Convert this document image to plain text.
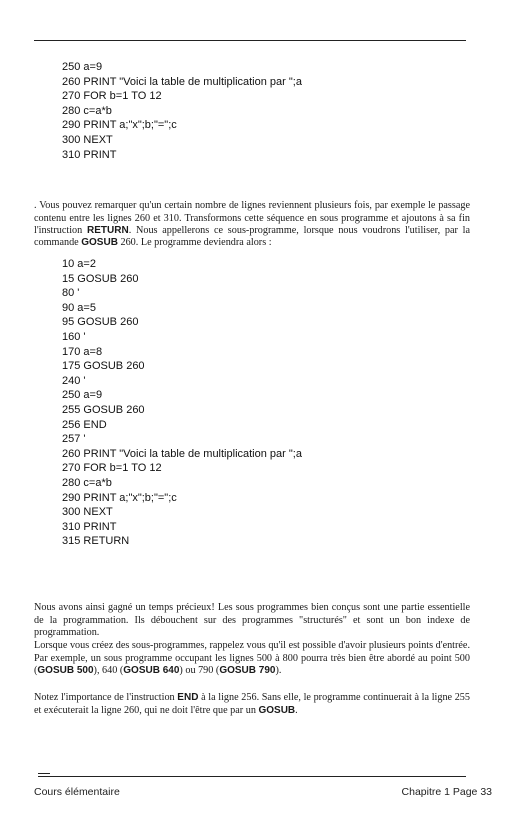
250 a=9
260 PRINT "Voici la table de multiplication par ";a
270 FOR b=1 TO 12
280 c=a*b
290 PRINT a;"x";b;"=";c
300 NEXT
310 PRINT

. Vous pouvez remarquer qu'un certain nombre de lignes reviennent plusieurs fois, par exemple le passage contenu entre les lignes 260 et 310. Transformons cette séquence en sous programme et ajoutons à sa fin l'instruction RETURN. Nous appellerons ce sous-programme, lorsque nous voudrons l'utiliser, par la commande GOSUB 260. Le programme deviendra alors :

10 a=2
15 GOSUB 260
80 '
90 a=5
95 GOSUB 260
160 '
170 a=8
175 GOSUB 260
240 '
250 a=9
255 GOSUB 260
256 END
257 '
260 PRINT "Voici la table de multiplication par ";a
270 FOR b=1 TO 12
280 c=a*b
290 PRINT a;"x";b;"=";c
300 NEXT
310 PRINT
315 RETURN

Nous avons ainsi gagné un temps précieux! Les sous programmes bien conçus sont une partie essentielle de la programmation. Ils débouchent sur des programmes "structurés" et sont un bon indexe de programmation.

Lorsque vous créez des sous-programmes, rappelez vous qu'il est possible d'avoir plusieurs points d'entrée. Par exemple, un sous programme occupant les lignes 500 à 800 pourra très bien être abordé au point 500 (GOSUB 500), 640 (GOSUB 640) ou 790 (GOSUB 790).

Notez l'importance de l'instruction END à la ligne 256. Sans elle, le programme continuerait à la ligne 255 et exécuterait la ligne 260, qui ne doit l'être que par un GOSUB.

Cours élémentaire	Chapitre 1 Page 33
